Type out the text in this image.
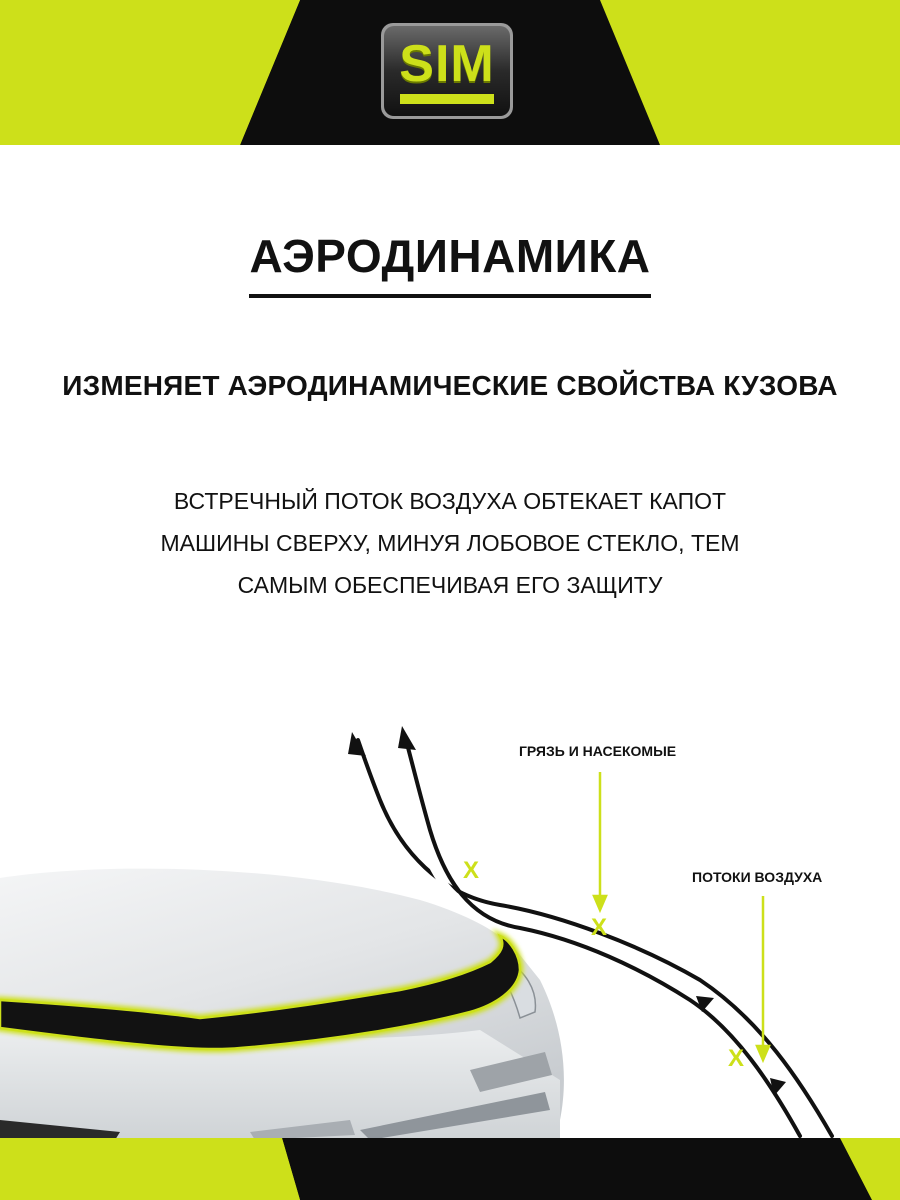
SIM
АЭРОДИНАМИКА
ИЗМЕНЯЕТ АЭРОДИНАМИЧЕСКИЕ СВОЙСТВА КУЗОВА
ВСТРЕЧНЫЙ ПОТОК ВОЗДУХА ОБТЕКАЕТ КАПОТ
МАШИНЫ СВЕРХУ, МИНУЯ ЛОБОВОЕ СТЕКЛО, ТЕМ
САМЫМ ОБЕСПЕЧИВАЯ ЕГО ЗАЩИТУ
X
X
X
ГРЯЗЬ И НАСЕКОМЫЕ
ПОТОКИ ВОЗДУХА
